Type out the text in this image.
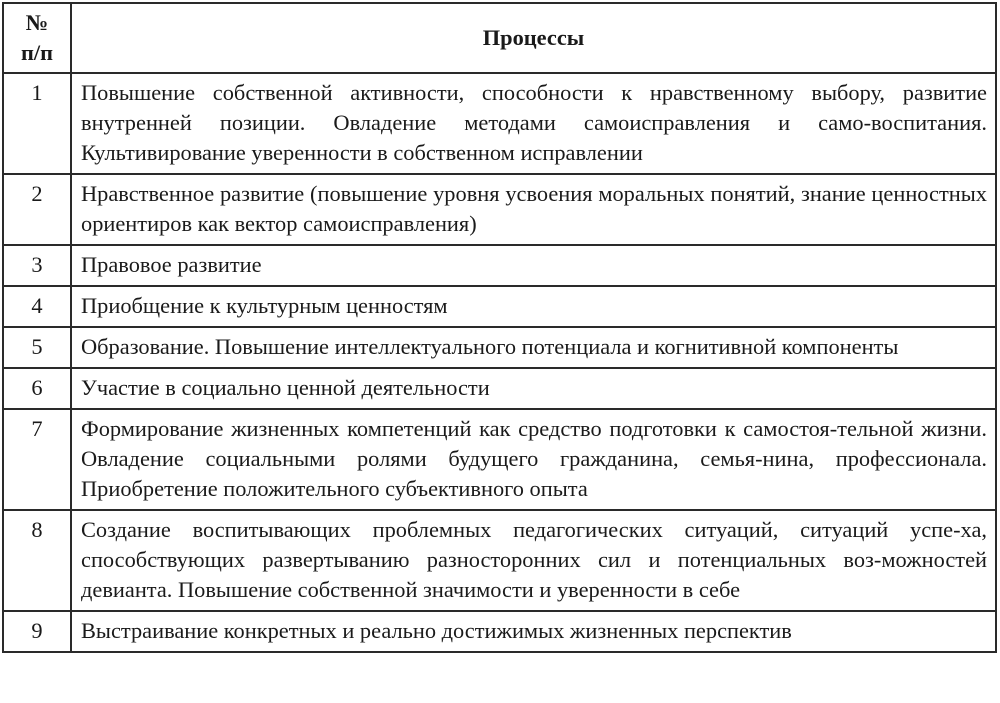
№
п/п	Процессы
1	Повышение собственной активности, способности к нравственному выбору, развитие внутренней позиции. Овладение методами самоисправления и само-воспитания. Культивирование уверенности в собственном исправлении
2	Нравственное развитие (повышение уровня усвоения моральных понятий, знание ценностных ориентиров как вектор самоисправления)
3	Правовое развитие
4	Приобщение к культурным ценностям
5	Образование. Повышение интеллектуального потенциала и когнитивной компоненты
6	Участие в социально ценной деятельности
7	Формирование жизненных компетенций как средство подготовки к самостоя-тельной жизни. Овладение социальными ролями будущего гражданина, семья-нина, профессионала. Приобретение положительного субъективного опыта
8	Создание воспитывающих проблемных педагогических ситуаций, ситуаций успе-ха, способствующих развертыванию разносторонних сил и потенциальных воз-можностей девианта. Повышение собственной значимости и уверенности в себе
9	Выстраивание конкретных и реально достижимых жизненных перспектив
